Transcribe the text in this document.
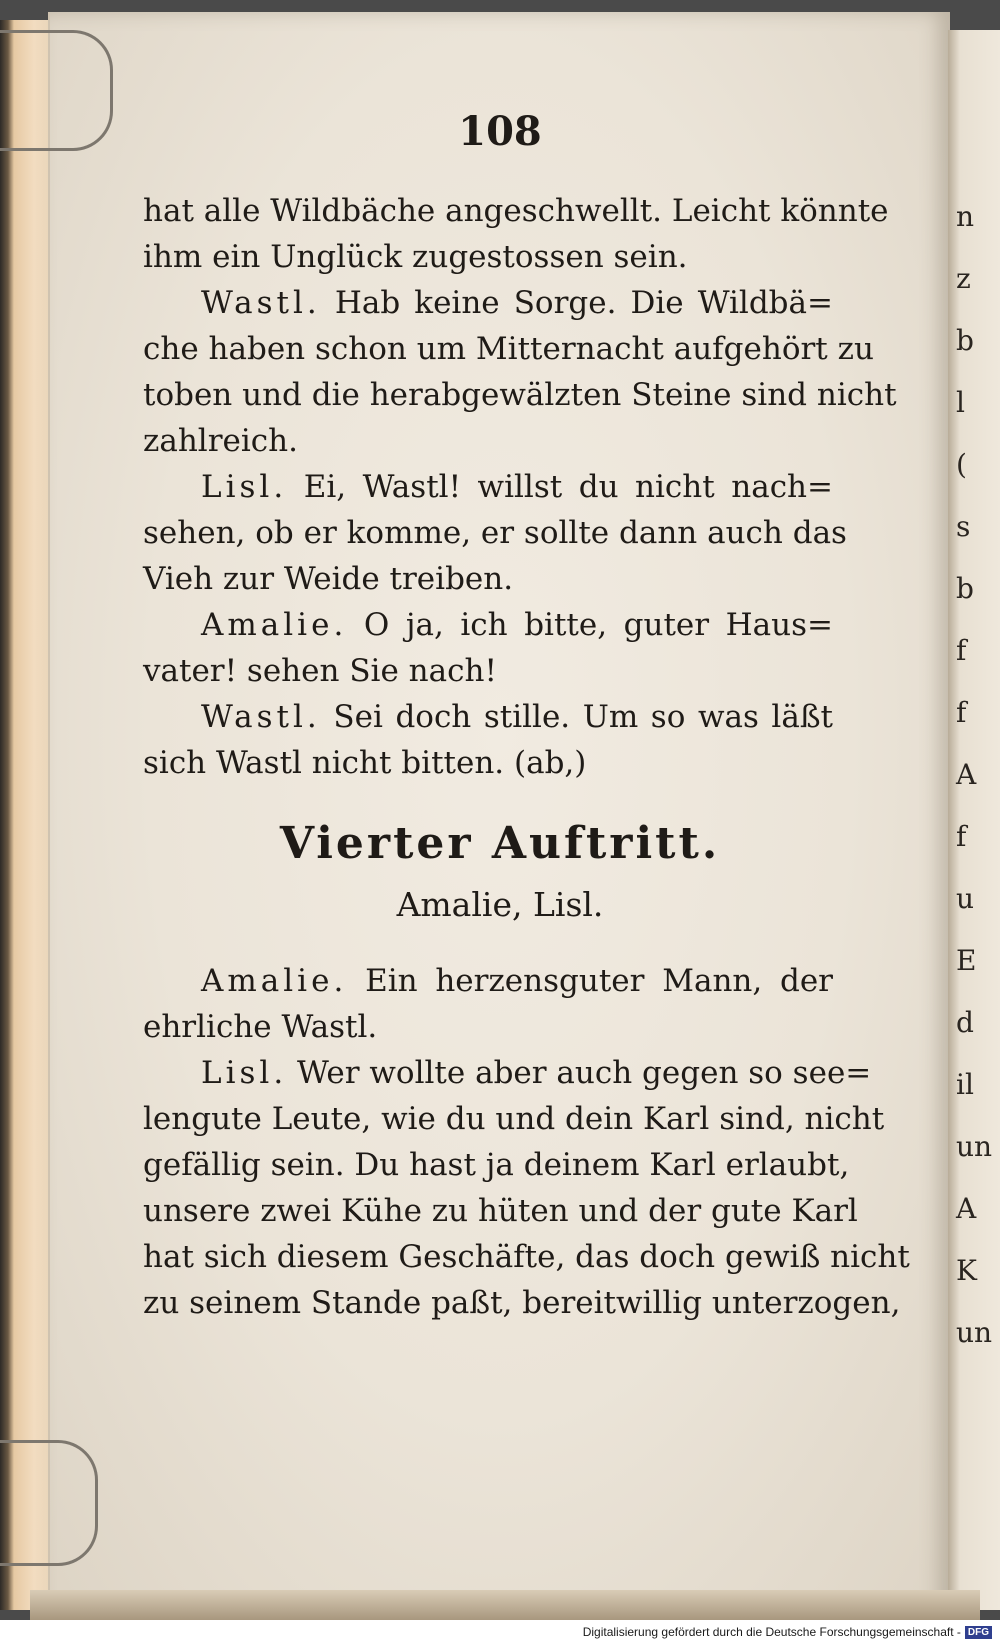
n
z
b
l
(
s
b
f
f
A
f
u
E
d
il
un
A
K
un
108
hat alle Wildbäche angeschwellt. Leicht könnte
ihm ein Unglück zugestossen sein.
Wastl. Hab keine Sorge. Die Wildbä=
che haben schon um Mitternacht aufgehört zu
toben und die herabgewälzten Steine sind nicht
zahlreich.
Lisl. Ei, Wastl! willst du nicht nach=
sehen, ob er komme, er sollte dann auch das
Vieh zur Weide treiben.
Amalie. O ja, ich bitte, guter Haus=
vater! sehen Sie nach!
Wastl. Sei doch stille. Um so was läßt
sich Wastl nicht bitten. (ab,)
Vierter Auftritt.
Amalie, Lisl.
Amalie. Ein herzensguter Mann, der
ehrliche Wastl.
Lisl. Wer wollte aber auch gegen so see=
lengute Leute, wie du und dein Karl sind, nicht
gefällig sein. Du hast ja deinem Karl erlaubt,
unsere zwei Kühe zu hüten und der gute Karl
hat sich diesem Geschäfte, das doch gewiß nicht
zu seinem Stande paßt, bereitwillig unterzogen,
Digitalisierung gefördert durch die Deutsche Forschungsgemeinschaft - DFG
